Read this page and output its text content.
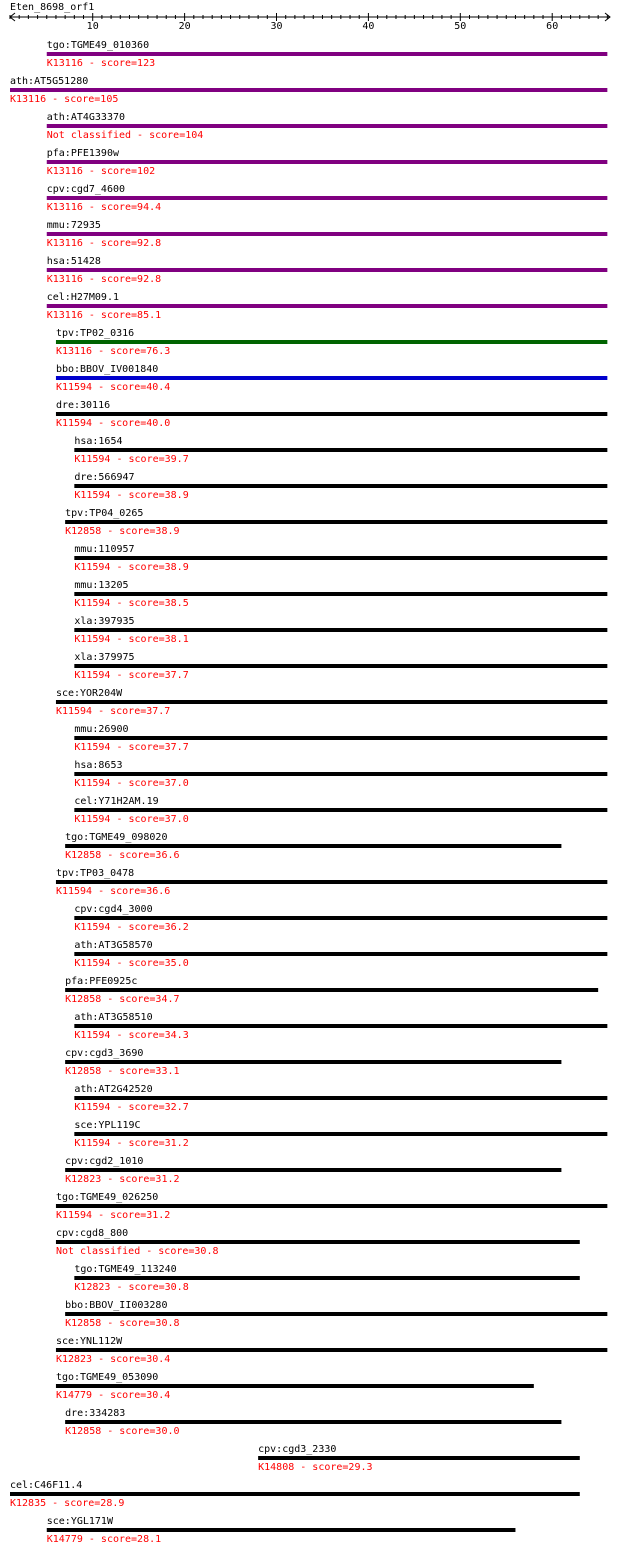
Eten_8698_orf1
10	20	30	40	50	60
tgo:TGME49_010360
K13116 - score=123
ath:AT5G51280
K13116 - score=105
ath:AT4G33370
Not classified - score=104
pfa:PFE1390w
K13116 - score=102
cpv:cgd7_4600
K13116 - score=94.4
mmu:72935
K13116 - score=92.8
hsa:51428
K13116 - score=92.8
cel:H27M09.1
K13116 - score=85.1
tpv:TP02_0316
K13116 - score=76.3
bbo:BBOV_IV001840
K11594 - score=40.4
dre:30116
K11594 - score=40.0
hsa:1654
K11594 - score=39.7
dre:566947
K11594 - score=38.9
tpv:TP04_0265
K12858 - score=38.9
mmu:110957
K11594 - score=38.9
mmu:13205
K11594 - score=38.5
xla:397935
K11594 - score=38.1
xla:379975
K11594 - score=37.7
sce:YOR204W
K11594 - score=37.7
mmu:26900
K11594 - score=37.7
hsa:8653
K11594 - score=37.0
cel:Y71H2AM.19
K11594 - score=37.0
tgo:TGME49_098020
K12858 - score=36.6
tpv:TP03_0478
K11594 - score=36.6
cpv:cgd4_3000
K11594 - score=36.2
ath:AT3G58570
K11594 - score=35.0
pfa:PFE0925c
K12858 - score=34.7
ath:AT3G58510
K11594 - score=34.3
cpv:cgd3_3690
K12858 - score=33.1
ath:AT2G42520
K11594 - score=32.7
sce:YPL119C
K11594 - score=31.2
cpv:cgd2_1010
K12823 - score=31.2
tgo:TGME49_026250
K11594 - score=31.2
cpv:cgd8_800
Not classified - score=30.8
tgo:TGME49_113240
K12823 - score=30.8
bbo:BBOV_II003280
K12858 - score=30.8
sce:YNL112W
K12823 - score=30.4
tgo:TGME49_053090
K14779 - score=30.4
dre:334283
K12858 - score=30.0
cpv:cgd3_2330
K14808 - score=29.3
cel:C46F11.4
K12835 - score=28.9
sce:YGL171W
K14779 - score=28.1
